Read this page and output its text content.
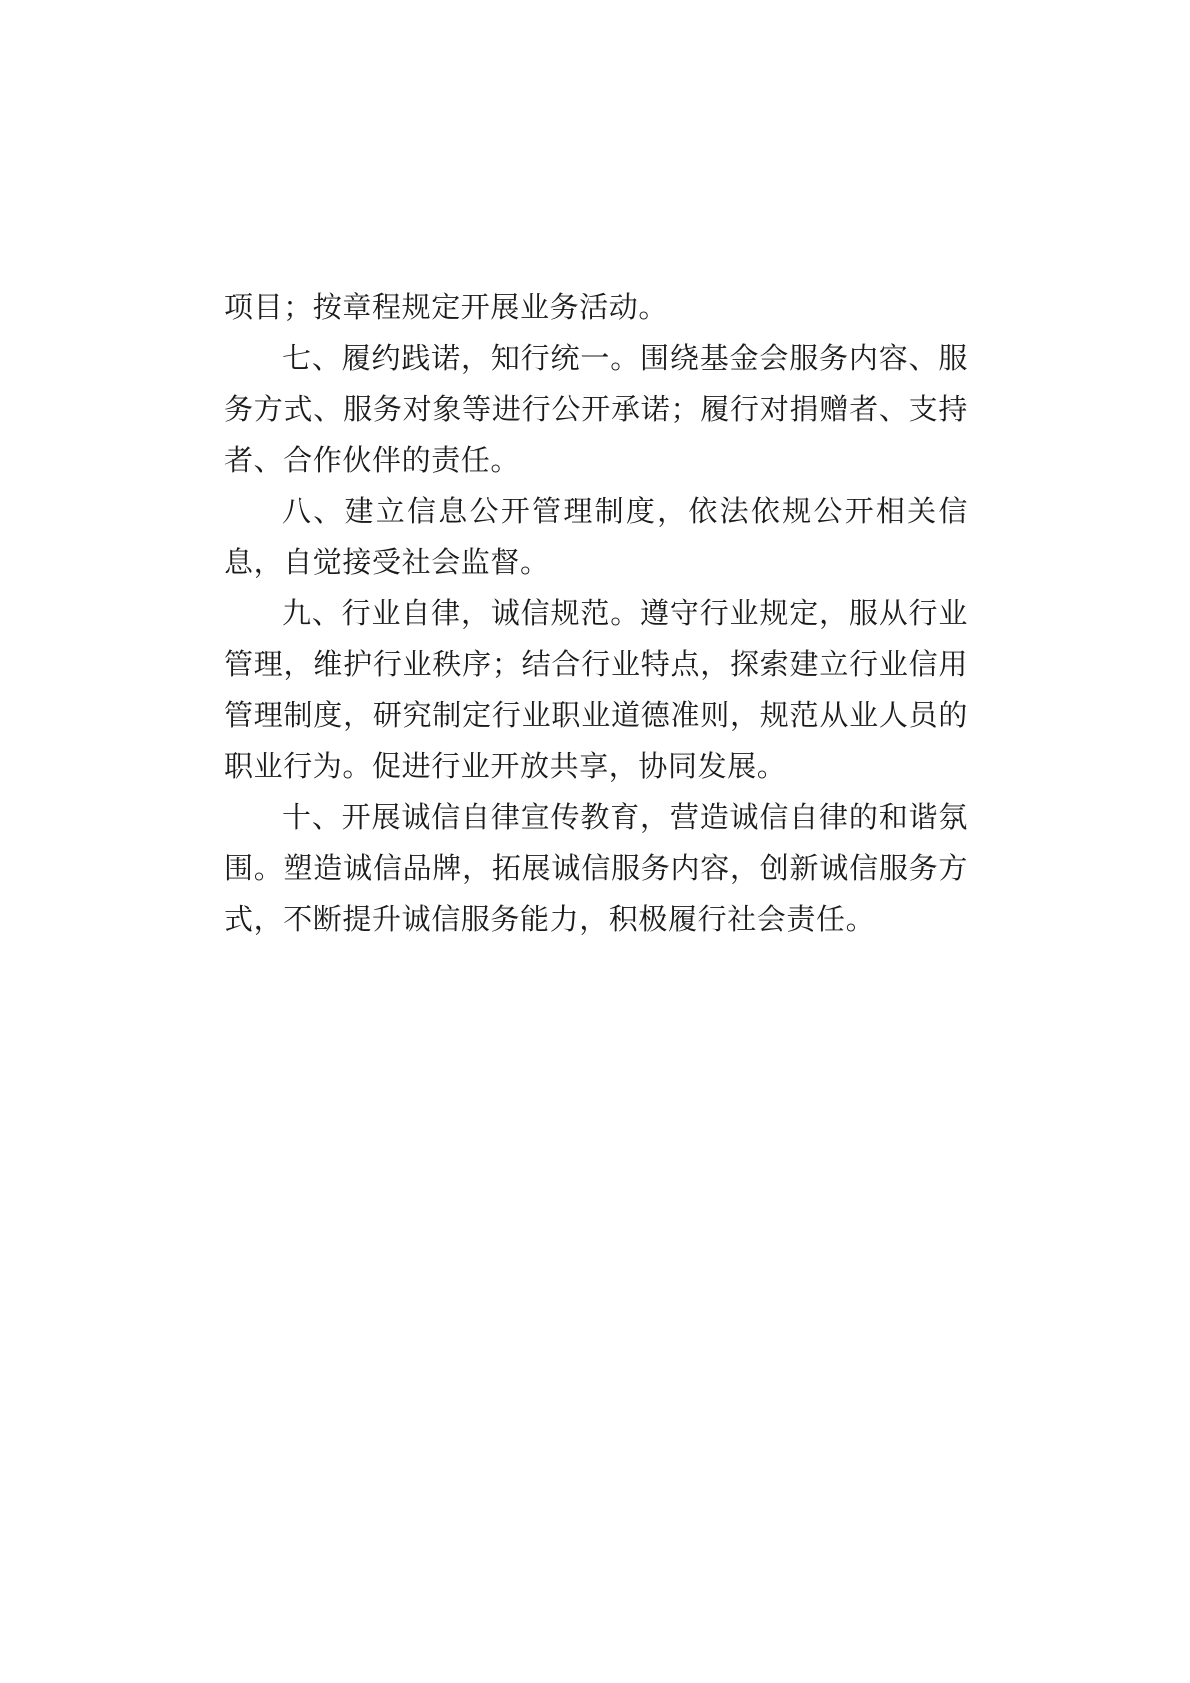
项目；按章程规定开展业务活动。

七、履约践诺，知行统一。围绕基金会服务内容、服务方式、服务对象等进行公开承诺；履行对捐赠者、支持者、合作伙伴的责任。

八、建立信息公开管理制度，依法依规公开相关信息，自觉接受社会监督。

九、行业自律，诚信规范。遵守行业规定，服从行业管理，维护行业秩序；结合行业特点，探索建立行业信用管理制度，研究制定行业职业道德准则，规范从业人员的职业行为。促进行业开放共享，协同发展。

十、开展诚信自律宣传教育，营造诚信自律的和谐氛围。塑造诚信品牌，拓展诚信服务内容，创新诚信服务方式，不断提升诚信服务能力，积极履行社会责任。
